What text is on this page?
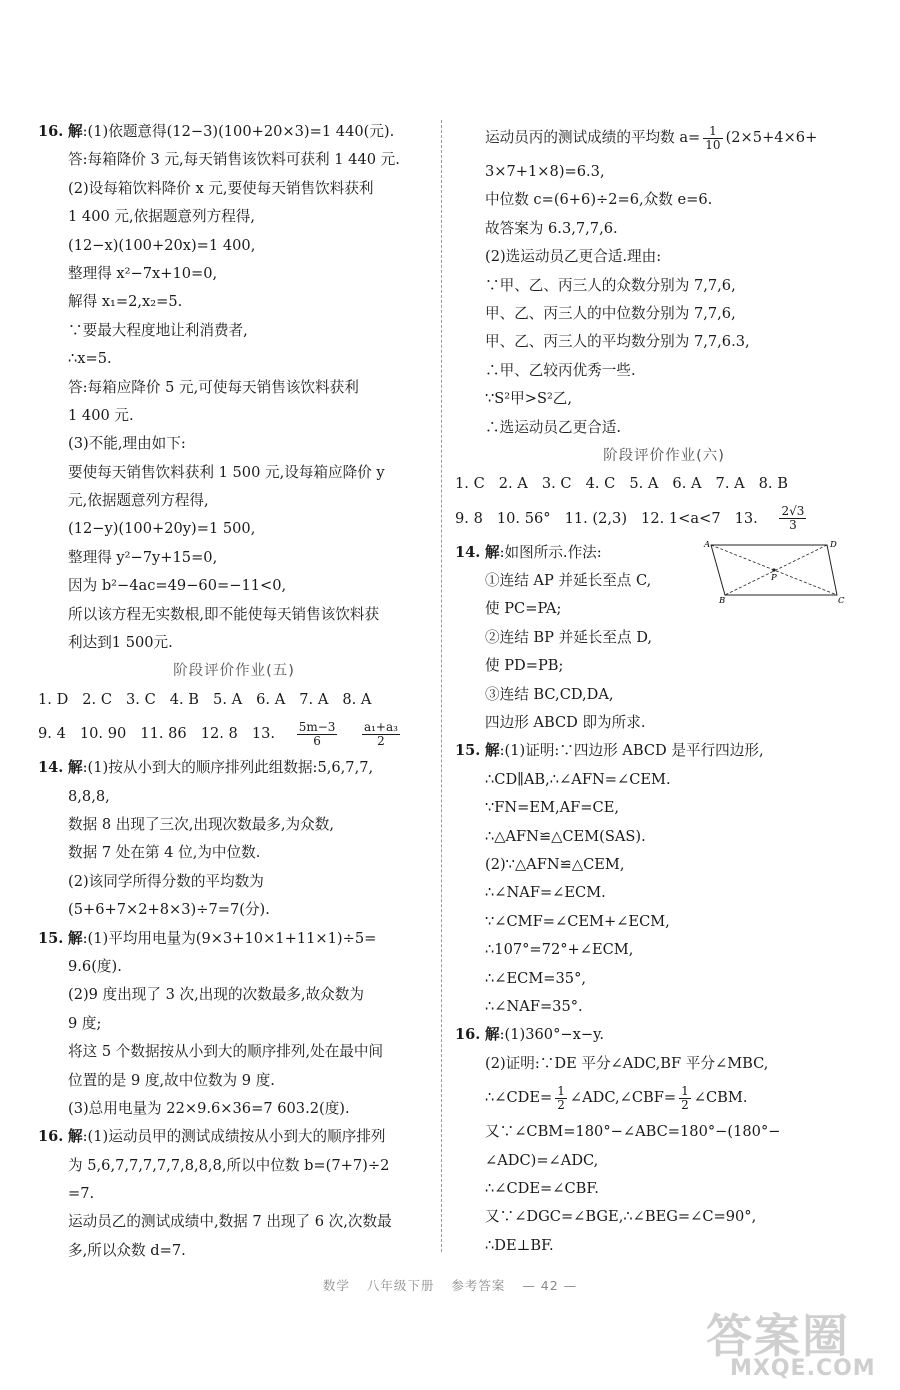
16. 解:(1)依题意得(12−3)(100+20×3)=1 440(元).
答:每箱降价 3 元,每天销售该饮料可获利 1 440 元.
(2)设每箱饮料降价 x 元,要使每天销售饮料获利
1 400 元,依据题意列方程得,
(12−x)(100+20x)=1 400,
整理得 x²−7x+10=0,
解得 x₁=2,x₂=5.
∵要最大程度地让利消费者,
∴x=5.
答:每箱应降价 5 元,可使每天销售该饮料获利
1 400 元.
(3)不能,理由如下:
要使每天销售饮料获利 1 500 元,设每箱应降价 y
元,依据题意列方程得,
(12−y)(100+20y)=1 500,
整理得 y²−7y+15=0,
因为 b²−4ac=49−60=−11<0,
所以该方程无实数根,即不能使每天销售该饮料获
利达到1 500元.
阶段评价作业(五)
1. D 2. C 3. C 4. B 5. A 6. A 7. A 8. A
9. 4 10. 90 11. 86 12. 8 13. $\frac{5m-3}{6}$
$\frac{\text{a₁+a₃}}{2}$
14. 解:(1)按从小到大的顺序排列此组数据:5,6,7,7,
8,8,8,
数据 8 出现了三次,出现次数最多,为众数,
数据 7 处在第 4 位,为中位数.
(2)该同学所得分数的平均数为
(5+6+7×2+8×3)÷7=7(分).
15. 解:(1)平均用电量为(9×3+10×1+11×1)÷5=
9.6(度).
(2)9 度出现了 3 次,出现的次数最多,故众数为
9 度;
将这 5 个数据按从小到大的顺序排列,处在最中间
位置的是 9 度,故中位数为 9 度.
(3)总用电量为 22×9.6×36=7 603.2(度).
16. 解:(1)运动员甲的测试成绩按从小到大的顺序排列
为 5,6,7,7,7,7,7,8,8,8,所以中位数 b=(7+7)÷2
=7.
运动员乙的测试成绩中,数据 7 出现了 6 次,次数最
多,所以众数 d=7.
运动员丙的测试成绩的平均数 $a= \frac{1}{10} (2\times 5+4\times 6+$
3×7+1×8)=6.3,
中位数 c=(6+6)÷2=6,众数 e=6.
故答案为 6.3,7,7,6.
(2)选运动员乙更合适.理由:
∵甲、乙、丙三人的众数分别为 7,7,6,
甲、乙、丙三人的中位数分别为 7,7,6,
甲、乙、丙三人的平均数分别为 7,7,6.3,
∴甲、乙较丙优秀一些.
∵S²甲>S²乙,
∴选运动员乙更合适.
阶段评价作业(六)
1. C 2. A 3. C 4. C 5. A 6. A 7. A 8. B
9. 8 10. 56° 11. (2,3) 12. 1<a<7 13. $\frac{2√3}{3}$
14. 解:如图所示.作法:
①连结 AP 并延长至点 C,
使 PC=PA;
②连结 BP 并延长至点 D,
使 PD=PB;
③连结 BC,CD,DA,
四边形 ABCD 即为所求.
A	D
P
B	C
15. 解:(1)证明:∵四边形 ABCD 是平行四边形,
∴CD∥AB,∴∠AFN=∠CEM.
∵FN=EM,AF=CE,
∴△AFN≌△CEM(SAS).
(2)∵△AFN≌△CEM,
∴∠NAF=∠ECM.
∵∠CMF=∠CEM+∠ECM,
∴107°=72°+∠ECM,
∴∠ECM=35°,
∴∠NAF=35°.
16. 解:(1)360°−x−y.
(2)证明:∵DE 平分∠ADC,BF 平分∠MBC,
∴∠CDE= $\frac{1}{2}$ ∠ADC,∠CBF= $\frac{1}{2}$ ∠CBM.
又∵∠CBM=180°−∠ABC=180°−(180°−
∠ADC)=∠ADC,
∴∠CDE=∠CBF.
又∵∠DGC=∠BGE,∴∠BEG=∠C=90°,
∴DE⊥BF.
数学 八年级下册 参考答案 — 42 —
答案圈
MXQE.COM
